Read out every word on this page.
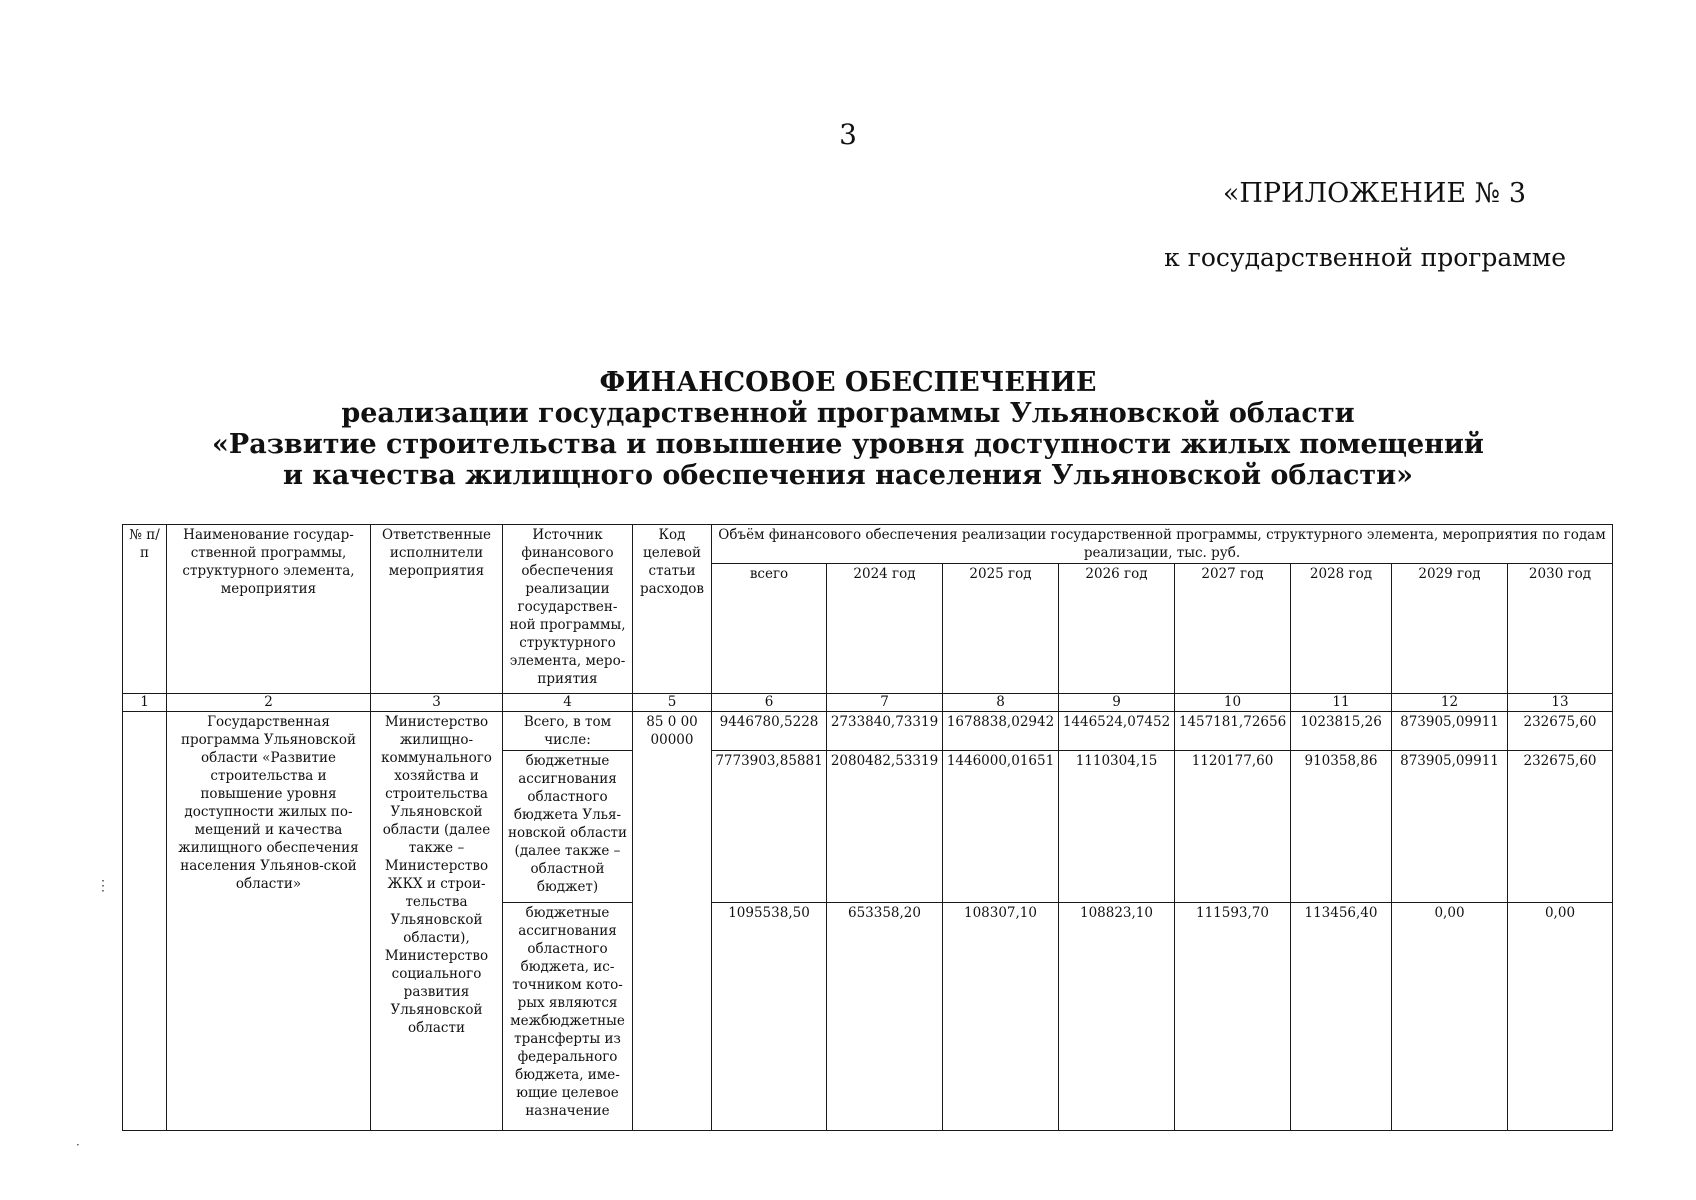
3
«ПРИЛОЖЕНИЕ № 3
к государственной программе
ФИНАНСОВОЕ ОБЕСПЕЧЕНИЕ
реализации государственной программы Ульяновской области
«Развитие строительства и повышение уровня доступности жилых помещений
и качества жилищного обеспечения населения Ульяновской области»
№ п/п	Наименование государ-ственной программы, структурного элемента, мероприятия	Ответственные исполнители мероприятия	Источник финансового обеспечения реализации государствен-ной программы, структурного элемента, меро-приятия	Код целевой статьи расходов	Объём финансового обеспечения реализации государственной программы, структурного элемента, мероприятия по годам реализации, тыс. руб.							
					всего	2024 год	2025 год	2026 год	2027 год	2028 год	2029 год	2030 год
1	2	3	4	5	6	7	8	9	10	11	12	13
	Государственная программа Ульяновской области «Развитие строительства и повышение уровня доступности жилых по-мещений и качества жилищного обеспечения населения Ульянов-ской области»	Министерство жилищно-коммунального хозяйства и строительства Ульяновской области (далее также – Министерство ЖКХ и строи-тельства Ульяновской области), Министерство социального развития Ульяновской области	Всего, в том числе:	85 0 00 00000	9446780,5228	2733840,73319	1678838,02942	1446524,07452	1457181,72656	1023815,26	873905,09911	232675,60
			бюджетные ассигнования областного бюджета Улья-новской области (далее также – областной бюджет)		7773903,85881	2080482,53319	1446000,01651	1110304,15	1120177,60	910358,86	873905,09911	232675,60
			бюджетные ассигнования областного бюджета, ис-точником кото-рых являются межбюджетные трансферты из федерального бюджета, име-ющие целевое назначение		1095538,50	653358,20	108307,10	108823,10	111593,70	113456,40	0,00	0,00
⋮
·
